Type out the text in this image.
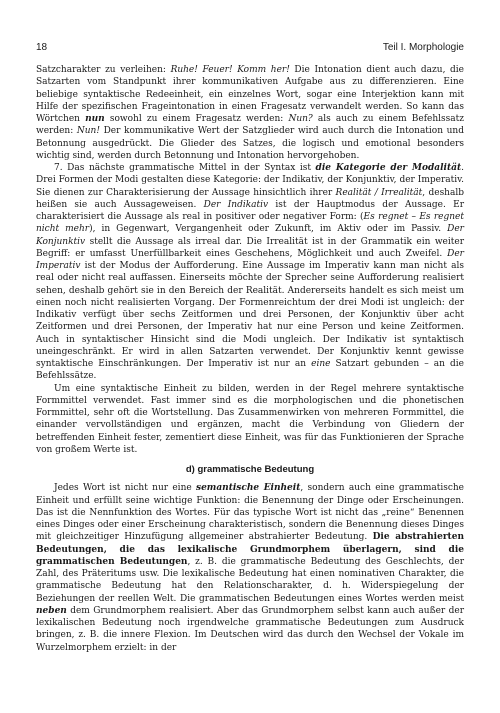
18	Teil I. Morphologie

Satzcharakter zu verleihen: Ruhe! Feuer! Komm her! Die Intonation dient auch dazu, die Satzarten vom Standpunkt ihrer kommunikativen Aufgabe aus zu differenzieren. Eine beliebige syntaktische Redeeinheit, ein einzelnes Wort, sogar eine Interjektion kann mit Hilfe der spezifischen Frageintonation in einen Fragesatz verwandelt werden. So kann das Wörtchen nun sowohl zu einem Fragesatz werden: Nun? als auch zu einem Befehlssatz werden: Nun! Der kommunikative Wert der Satzglieder wird auch durch die Intonation und Betonnung ausgedrückt. Die Glieder des Satzes, die logisch und emotional besonders wichtig sind, werden durch Betonnung und Intonation hervorgehoben.

7. Das nächste grammatische Mittel in der Syntax ist die Kategorie der Modalität. Drei Formen der Modi gestalten diese Kategorie: der Indikativ, der Konjunktiv, der Imperativ. Sie dienen zur Charakterisierung der Aussage hinsichtlich ihrer Realität / Irrealität, deshalb heißen sie auch Aussageweisen. Der Indikativ ist der Hauptmodus der Aussage. Er charakterisiert die Aussage als real in positiver oder negativer Form: (Es regnet – Es regnet nicht mehr), in Gegenwart, Vergangenheit oder Zukunft, im Aktiv oder im Passiv. Der Konjunktiv stellt die Aussage als irreal dar. Die Irrealität ist in der Grammatik ein weiter Begriff: er umfasst Unerfüllbarkeit eines Geschehens, Möglichkeit und auch Zweifel. Der Imperativ ist der Modus der Aufforderung. Eine Aussage im Imperativ kann man nicht als real oder nicht real auffassen. Einerseits möchte der Sprecher seine Aufforderung realisiert sehen, deshalb gehört sie in den Bereich der Realität. Andererseits handelt es sich meist um einen noch nicht realisierten Vorgang. Der Formenreichtum der drei Modi ist ungleich: der Indikativ verfügt über sechs Zeitformen und drei Personen, der Konjunktiv über acht Zeitformen und drei Personen, der Imperativ hat nur eine Person und keine Zeitformen. Auch in syntaktischer Hinsicht sind die Modi ungleich. Der Indikativ ist syntaktisch uneingeschränkt. Er wird in allen Satzarten verwendet. Der Konjunktiv kennt gewisse syntaktische Einschränkungen. Der Imperativ ist nur an eine Satzart gebunden – an die Befehlssätze.

Um eine syntaktische Einheit zu bilden, werden in der Regel mehrere syntaktische Formmittel verwendet. Fast immer sind es die morphologischen und die phonetischen Formmittel, sehr oft die Wortstellung. Das Zusammenwirken von mehreren Formmittel, die einander vervollständigen und ergänzen, macht die Verbindung von Gliedern der betreffenden Einheit fester, zementiert diese Einheit, was für das Funktionieren der Sprache von großem Werte ist.

d) grammatische Bedeutung

Jedes Wort ist nicht nur eine semantische Einheit, sondern auch eine grammatische Einheit und erfüllt seine wichtige Funktion: die Benennung der Dinge oder Erscheinungen. Das ist die Nennfunktion des Wortes. Für das typische Wort ist nicht das „reine“ Benennen eines Dinges oder einer Erscheinung charakteristisch, sondern die Benennung dieses Dinges mit gleichzeitiger Hinzufügung allgemeiner abstrahierter Bedeutung. Die abstrahierten Bedeutungen, die das lexikalische Grundmorphem überlagern, sind die grammatischen Bedeutungen, z. B. die grammatische Bedeutung des Geschlechts, der Zahl, des Präteritums usw. Die lexikalische Bedeutung hat einen nominativen Charakter, die grammatische Bedeutung hat den Relationscharakter, d. h. Widerspiegelung der Beziehungen der reellen Welt. Die grammatischen Bedeutungen eines Wortes werden meist neben dem Grundmorphem realisiert. Aber das Grundmorphem selbst kann auch außer der lexikalischen Bedeutung noch irgendwelche grammatische Bedeutungen zum Ausdruck bringen, z. B. die innere Flexion. Im Deutschen wird das durch den Wechsel der Vokale im Wurzelmorphem erzielt: in der
